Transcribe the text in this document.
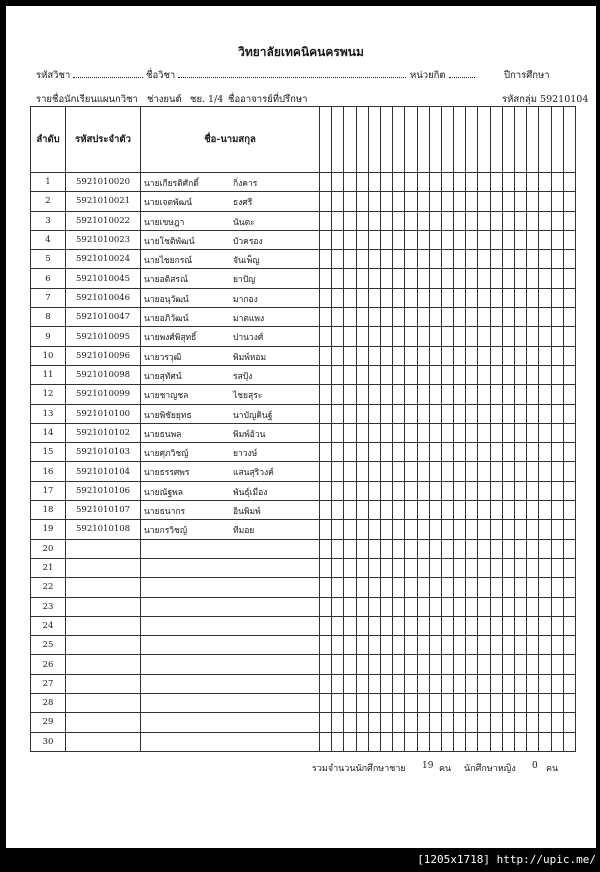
วิทยาลัยเทคนิคนครพนม
รหัสวิชา	ชื่อวิชา	หน่วยกิต	ปีการศึกษา
รายชื่อนักเรียนแผนกวิชา ช่างยนต์ ชย. 1/4 ชื่ออาจารย์ที่ปรึกษา	รหัสกลุ่ม 59210104
ลำดับ	รหัสประจำตัว	ชื่อ-นามสกุล																					
1	5921010020	นายเกียรติศักดิ์ กิ่งคาร																					

2	5921010021	นายเจตพัฒน์ ธงศรี																					

3	5921010022	นายเขษฎา นันตะ																					

4	5921010023	นายโชติพัฒน์ บัวครอง																					

5	5921010024	นายไชยกรณ์ จันเพ็ญ																					

6	5921010045	นายอติสรณ์ ยาปัญ																					

7	5921010046	นายอนุวัฒน์ มากอง																					

8	5921010047	นายอภิวัฒน์ มาตแพง																					

9	5921010095	นายพงศ์พิสุทธิ์ ปานวงศ์																					

10	5921010096	นายวรวุฒิ พิมพ์หอม																					

11	5921010098	นายสุทัศน์ รสปุ้ง																					

12	5921010099	นายชาญชล ไชยสุระ																					

13	5921010100	นายพิชัยยุทธ นาบัญคินฐ์																					

14	5921010102	นายธนพล พิมพ์อ้วน																					

15	5921010103	นายศุภวิชญ์ ยาวงษ์																					

16	5921010104	นายธรรศพร แสนสุริวงค์																					

17	5921010106	นายณัฐพล พันธุ์เมือง																					

18	5921010107	นายธนากร อินพิมพ์																					

19	5921010108	นายกรวิชญ์ ทีมอย																					

20		

21		

22		

23		

24		

25		

26		

27		

28		

29		

30		

รวมจำนวนนักศึกษาชาย 19 คน นักศึกษาหญิง 0 คน
[1205x1718] http://upic.me/
